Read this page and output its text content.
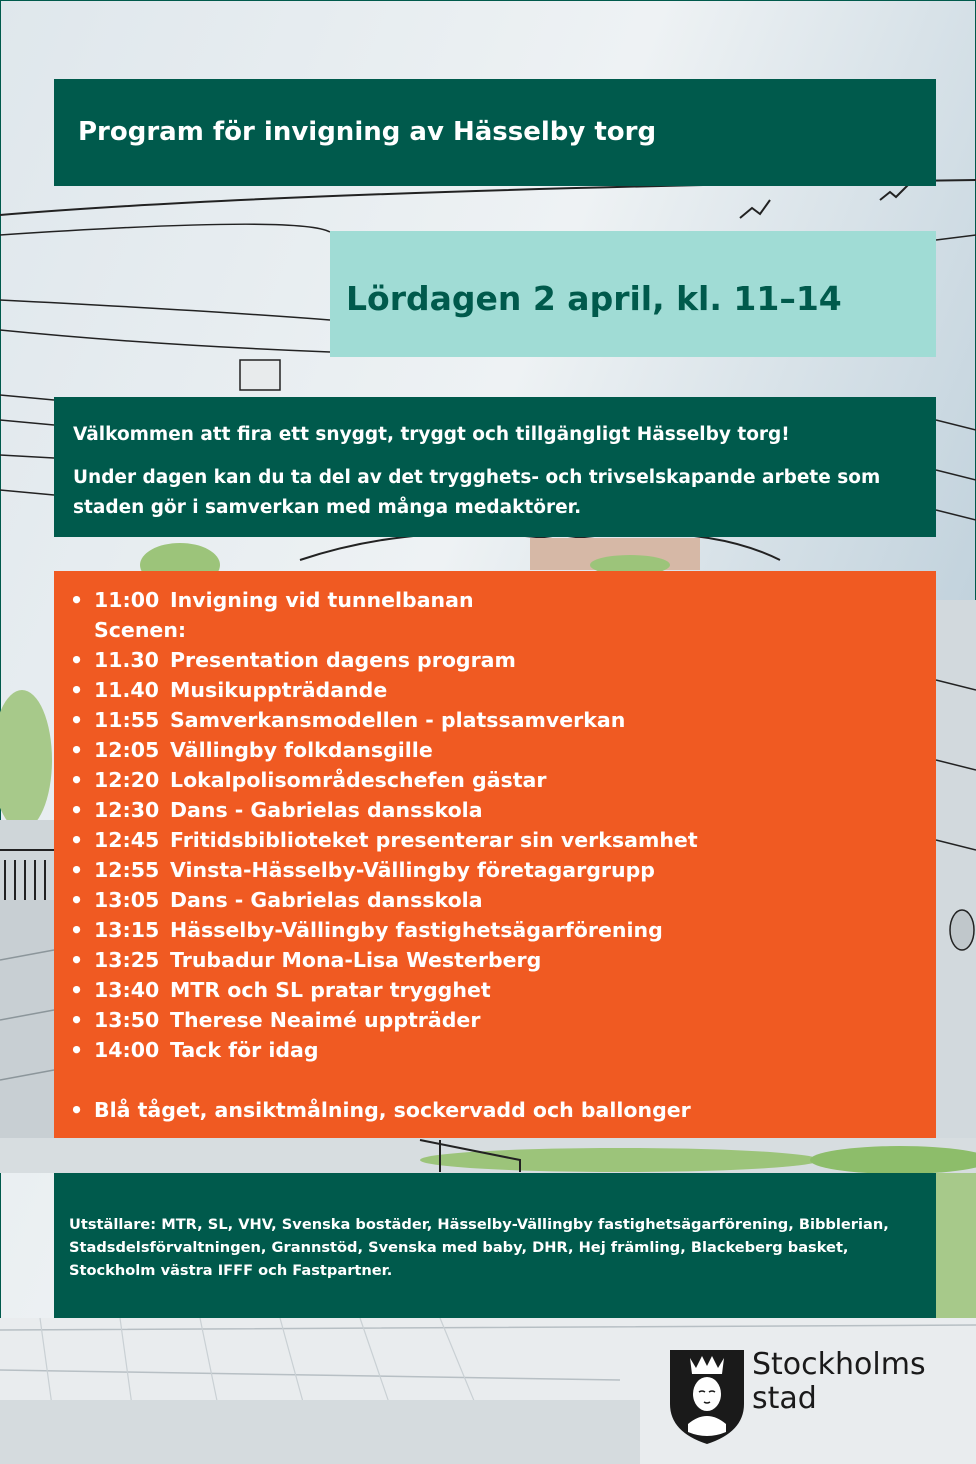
Program för invigning av Hässelby torg
Lördagen 2 april, kl. 11–14
Välkommen att fira ett snyggt, tryggt och tillgängligt Hässelby torg!
Under dagen kan du ta del av det trygghets- och trivselskapande arbete som staden gör i samverkan med många medaktörer.
• 11:00 Invigning vid tunnelbanan
Scenen:
• 11.30 Presentation dagens program
• 11.40 Musikuppträdande
• 11:55 Samverkansmodellen - platssamverkan
• 12:05 Vällingby folkdansgille
• 12:20 Lokalpolisområdeschefen gästar
• 12:30 Dans - Gabrielas dansskola
• 12:45 Fritidsbiblioteket presenterar sin verksamhet
• 12:55 Vinsta-Hässelby-Vällingby företagargrupp
• 13:05 Dans - Gabrielas dansskola
• 13:15 Hässelby-Vällingby fastighetsägarförening
• 13:25 Trubadur Mona-Lisa Westerberg
• 13:40 MTR och SL pratar trygghet
• 13:50 Therese Neaimé uppträder
• 14:00 Tack för idag
• Blå tåget, ansiktmålning, sockervadd och ballonger
Utställare: MTR, SL, VHV, Svenska bostäder, Hässelby-Vällingby fastighetsägarförening, Bibblerian, Stadsdelsförvaltningen, Grannstöd, Svenska med baby, DHR, Hej främling, Blackeberg basket, Stockholm västra IFFF och Fastpartner.
Stockholms
stad
